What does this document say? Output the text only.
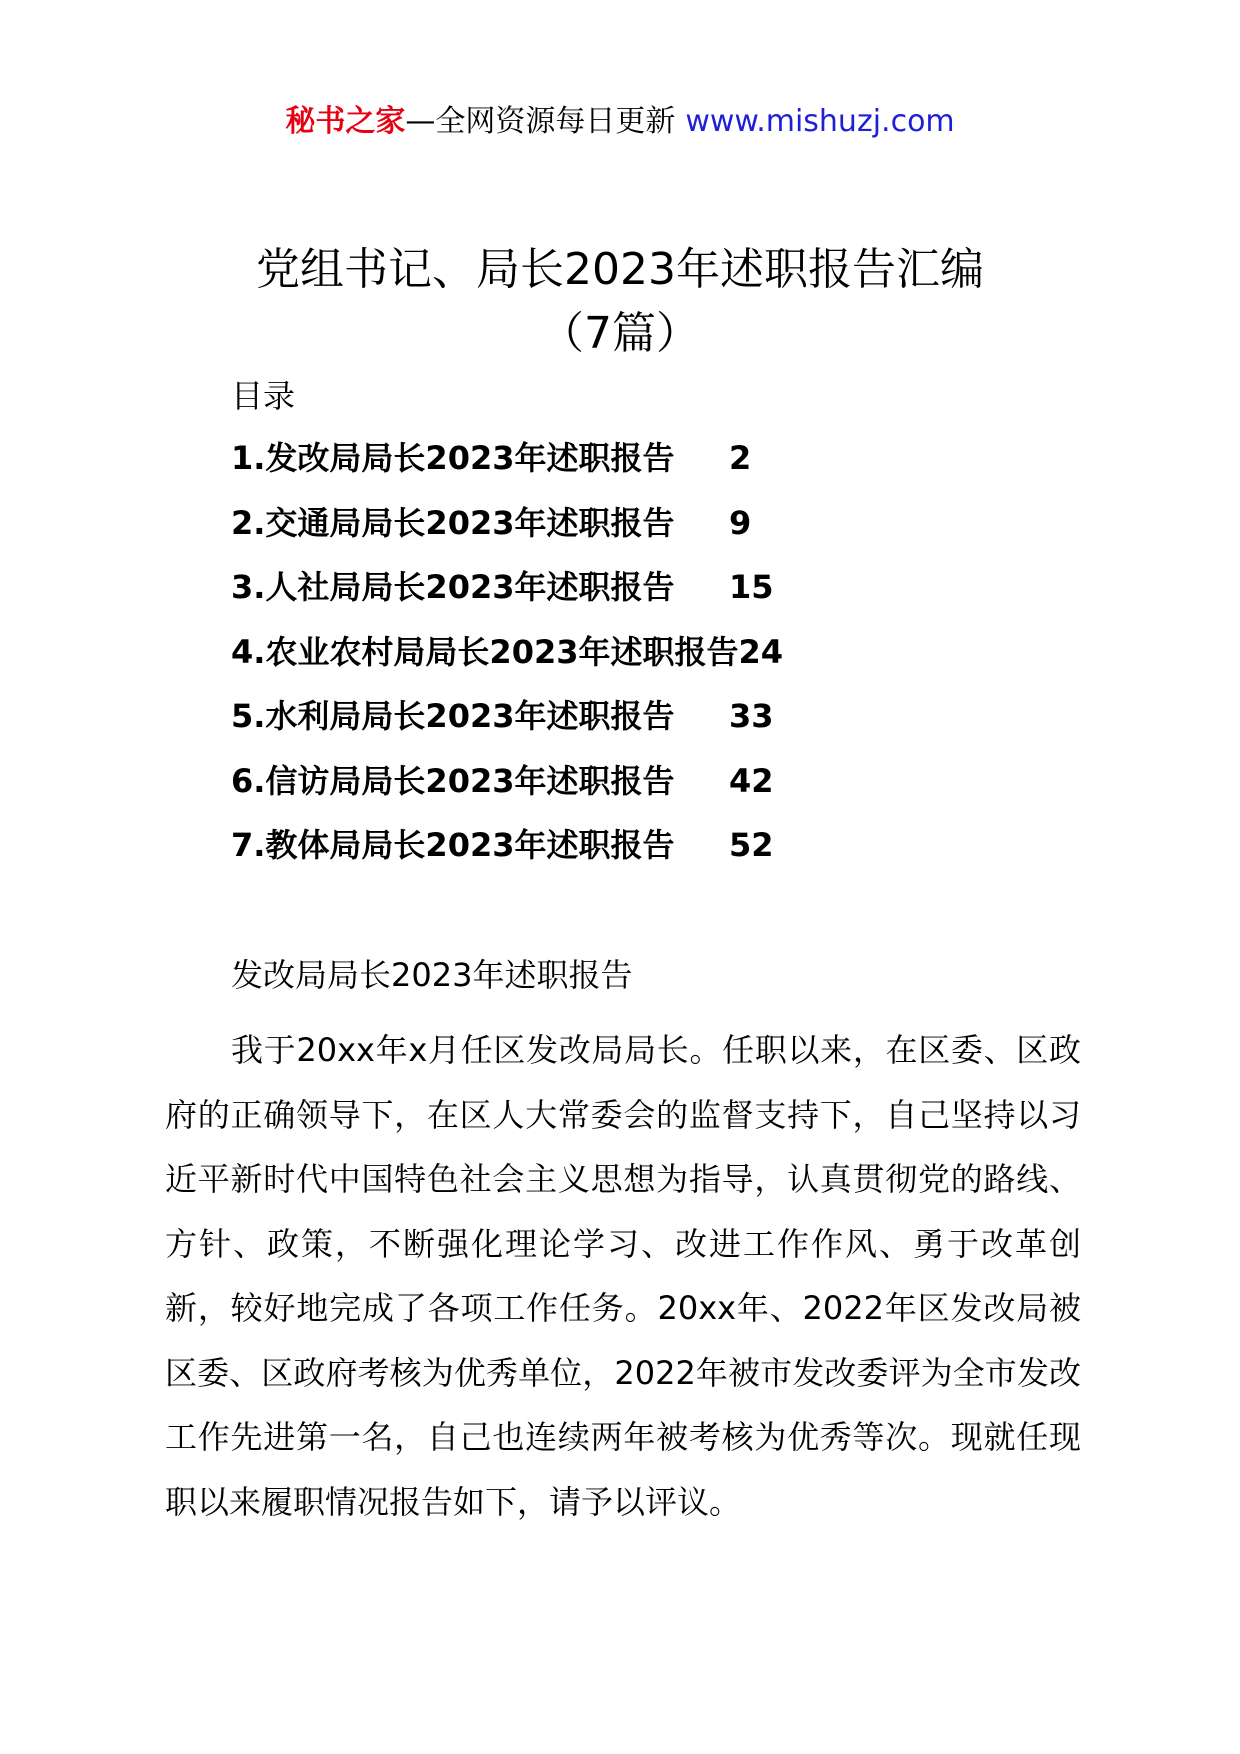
秘书之家—全网资源每日更新 www.mishuzj.com
党组书记、局长2023年述职报告汇编
（7篇）
目录
1.发改局局长2023年述职报告 2
2.交通局局长2023年述职报告 9
3.人社局局长2023年述职报告 15
4.农业农村局局长2023年述职报告24
5.水利局局长2023年述职报告 33
6.信访局局长2023年述职报告 42
7.教体局局长2023年述职报告 52
发改局局长2023年述职报告

我于20xx年x月任区发改局局长。任职以来，在区委、区政府的正确领导下，在区人大常委会的监督支持下，自己坚持以习近平新时代中国特色社会主义思想为指导，认真贯彻党的路线、方针、政策，不断强化理论学习、改进工作作风、勇于改革创新，较好地完成了各项工作任务。20xx年、2022年区发改局被区委、区政府考核为优秀单位，2022年被市发改委评为全市发改工作先进第一名，自己也连续两年被考核为优秀等次。现就任现职以来履职情况报告如下，请予以评议。
